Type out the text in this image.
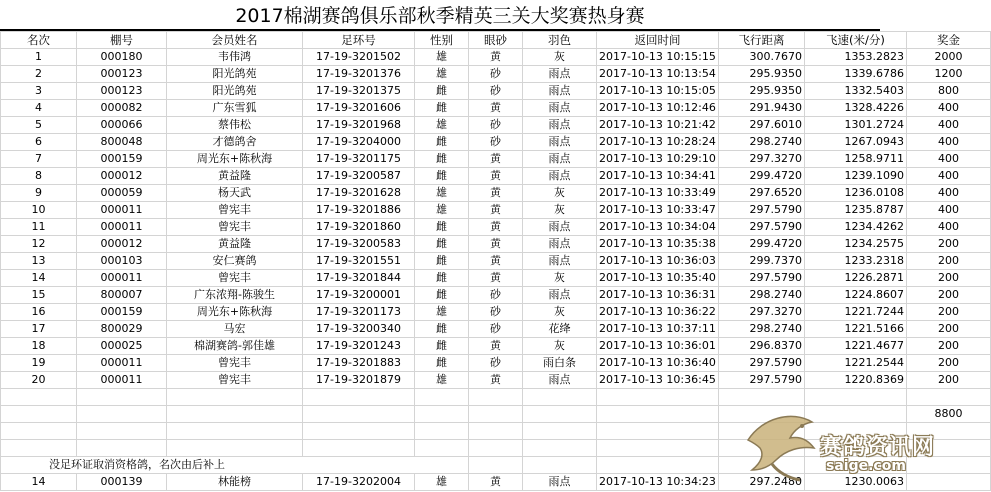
2017棉湖赛鸽俱乐部秋季精英三关大奖赛热身赛
名次	棚号	会员姓名	足环号	性别	眼砂	羽色	返回时间	飞行距离	飞速(米/分)	奖金
1	000180	韦伟鸿	17-19-3201502	雄	黄	灰	2017-10-13 10:15:15	300.7670	1353.2823	2000
2	000123	阳光鸽苑	17-19-3201376	雄	砂	雨点	2017-10-13 10:13:54	295.9350	1339.6786	1200
3	000123	阳光鸽苑	17-19-3201375	雌	砂	雨点	2017-10-13 10:15:05	295.9350	1332.5403	800
4	000082	广东雪狐	17-19-3201606	雌	黄	雨点	2017-10-13 10:12:46	291.9430	1328.4226	400
5	000066	蔡伟松	17-19-3201968	雄	砂	雨点	2017-10-13 10:21:42	297.6010	1301.2724	400
6	800048	才德鸽舍	17-19-3204000	雌	砂	雨点	2017-10-13 10:28:24	298.2740	1267.0943	400
7	000159	周光东+陈秋海	17-19-3201175	雌	黄	雨点	2017-10-13 10:29:10	297.3270	1258.9711	400
8	000012	黄益隆	17-19-3200587	雌	黄	雨点	2017-10-13 10:34:41	299.4720	1239.1090	400
9	000059	杨天武	17-19-3201628	雄	黄	灰	2017-10-13 10:33:49	297.6520	1236.0108	400
10	000011	曾宪丰	17-19-3201886	雄	黄	灰	2017-10-13 10:33:47	297.5790	1235.8787	400
11	000011	曾宪丰	17-19-3201860	雌	黄	雨点	2017-10-13 10:34:04	297.5790	1234.4262	400
12	000012	黄益隆	17-19-3200583	雌	黄	雨点	2017-10-13 10:35:38	299.4720	1234.2575	200
13	000103	安仁赛鸽	17-19-3201551	雌	黄	雨点	2017-10-13 10:36:03	299.7370	1233.2318	200
14	000011	曾宪丰	17-19-3201844	雌	黄	灰	2017-10-13 10:35:40	297.5790	1226.2871	200
15	800007	广东浓翔-陈骏生	17-19-3200001	雌	砂	雨点	2017-10-13 10:36:31	298.2740	1224.8607	200
16	000159	周光东+陈秋海	17-19-3201173	雄	砂	灰	2017-10-13 10:36:22	297.3270	1221.7244	200
17	800029	马宏	17-19-3200340	雌	砂	花绛	2017-10-13 10:37:11	298.2740	1221.5166	200
18	000025	棉湖赛鸽-郭佳雄	17-19-3201243	雌	黄	灰	2017-10-13 10:36:01	296.8370	1221.4677	200
19	000011	曾宪丰	17-19-3201883	雌	砂	雨白条	2017-10-13 10:36:40	297.5790	1221.2544	200
20	000011	曾宪丰	17-19-3201879	雄	黄	雨点	2017-10-13 10:36:45	297.5790	1220.8369	200

										8800

没足环证取消资格鸽，名次由后补上										
14	000139	林能榜	17-19-3202004	雄	黄	雨点	2017-10-13 10:34:23	297.2480	1230.0063	
赛鸽资讯网
saige.com
